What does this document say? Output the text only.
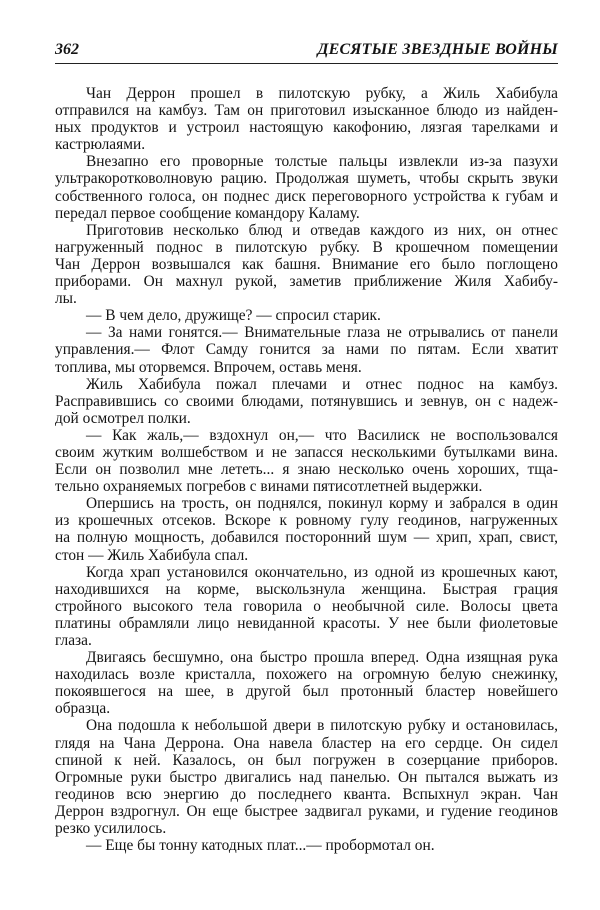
362	ДЕСЯТЫЕ ЗВЕЗДНЫЕ ВОЙНЫ
Чан Деррон прошел в пилотскую рубку, а Жиль Хабибула
отправился на камбуз. Там он приготовил изысканное блюдо из найден-
ных продуктов и устроил настоящую какофонию, лязгая тарелками и
кастрюлаями.
Внезапно его проворные толстые пальцы извлекли из-за пазухи
ультракоротковолновую рацию. Продолжая шуметь, чтобы скрыть звуки
собственного голоса, он поднес диск переговорного устройства к губам и
передал первое сообщение командору Каламу.
Приготовив несколько блюд и отведав каждого из них, он отнес
нагруженный поднос в пилотскую рубку. В крошечном помещении
Чан Деррон возвышался как башня. Внимание его было поглощено
приборами. Он махнул рукой, заметив приближение Жиля Хабибу-
лы.
— В чем дело, дружище? — спросил старик.
— За нами гонятся.— Внимательные глаза не отрывались от панели
управления.— Флот Самду гонится за нами по пятам. Если хватит
топлива, мы оторвемся. Впрочем, оставь меня.
Жиль Хабибула пожал плечами и отнес поднос на камбуз.
Расправившись со своими блюдами, потянувшись и зевнув, он с надеж-
дой осмотрел полки.
— Как жаль,— вздохнул он,— что Василиск не воспользовался
своим жутким волшебством и не запасся несколькими бутылками вина.
Если он позволил мне лететь... я знаю несколько очень хороших, тща-
тельно охраняемых погребов с винами пятисотлетней выдержки.
Опершись на трость, он поднялся, покинул корму и забрался в один
из крошечных отсеков. Вскоре к ровному гулу геодинов, нагруженных
на полную мощность, добавился посторонний шум — хрип, храп, свист,
стон — Жиль Хабибула спал.
Когда храп установился окончательно, из одной из крошечных кают,
находившихся на корме, выскользнула женщина. Быстрая грация
стройного высокого тела говорила о необычной силе. Волосы цвета
платины обрамляли лицо невиданной красоты. У нее были фиолетовые
глаза.
Двигаясь бесшумно, она быстро прошла вперед. Одна изящная рука
находилась возле кристалла, похожего на огромную белую снежинку,
покоявшегося на шее, в другой был протонный бластер новейшего
образца.
Она подошла к небольшой двери в пилотскую рубку и остановилась,
глядя на Чана Деррона. Она навела бластер на его сердце. Он сидел
спиной к ней. Казалось, он был погружен в созерцание приборов.
Огромные руки быстро двигались над панелью. Он пытался выжать из
геодинов всю энергию до последнего кванта. Вспыхнул экран. Чан
Деррон вздрогнул. Он еще быстрее задвигал руками, и гудение геодинов
резко усилилось.
— Еще бы тонну катодных плат...— пробормотал он.
